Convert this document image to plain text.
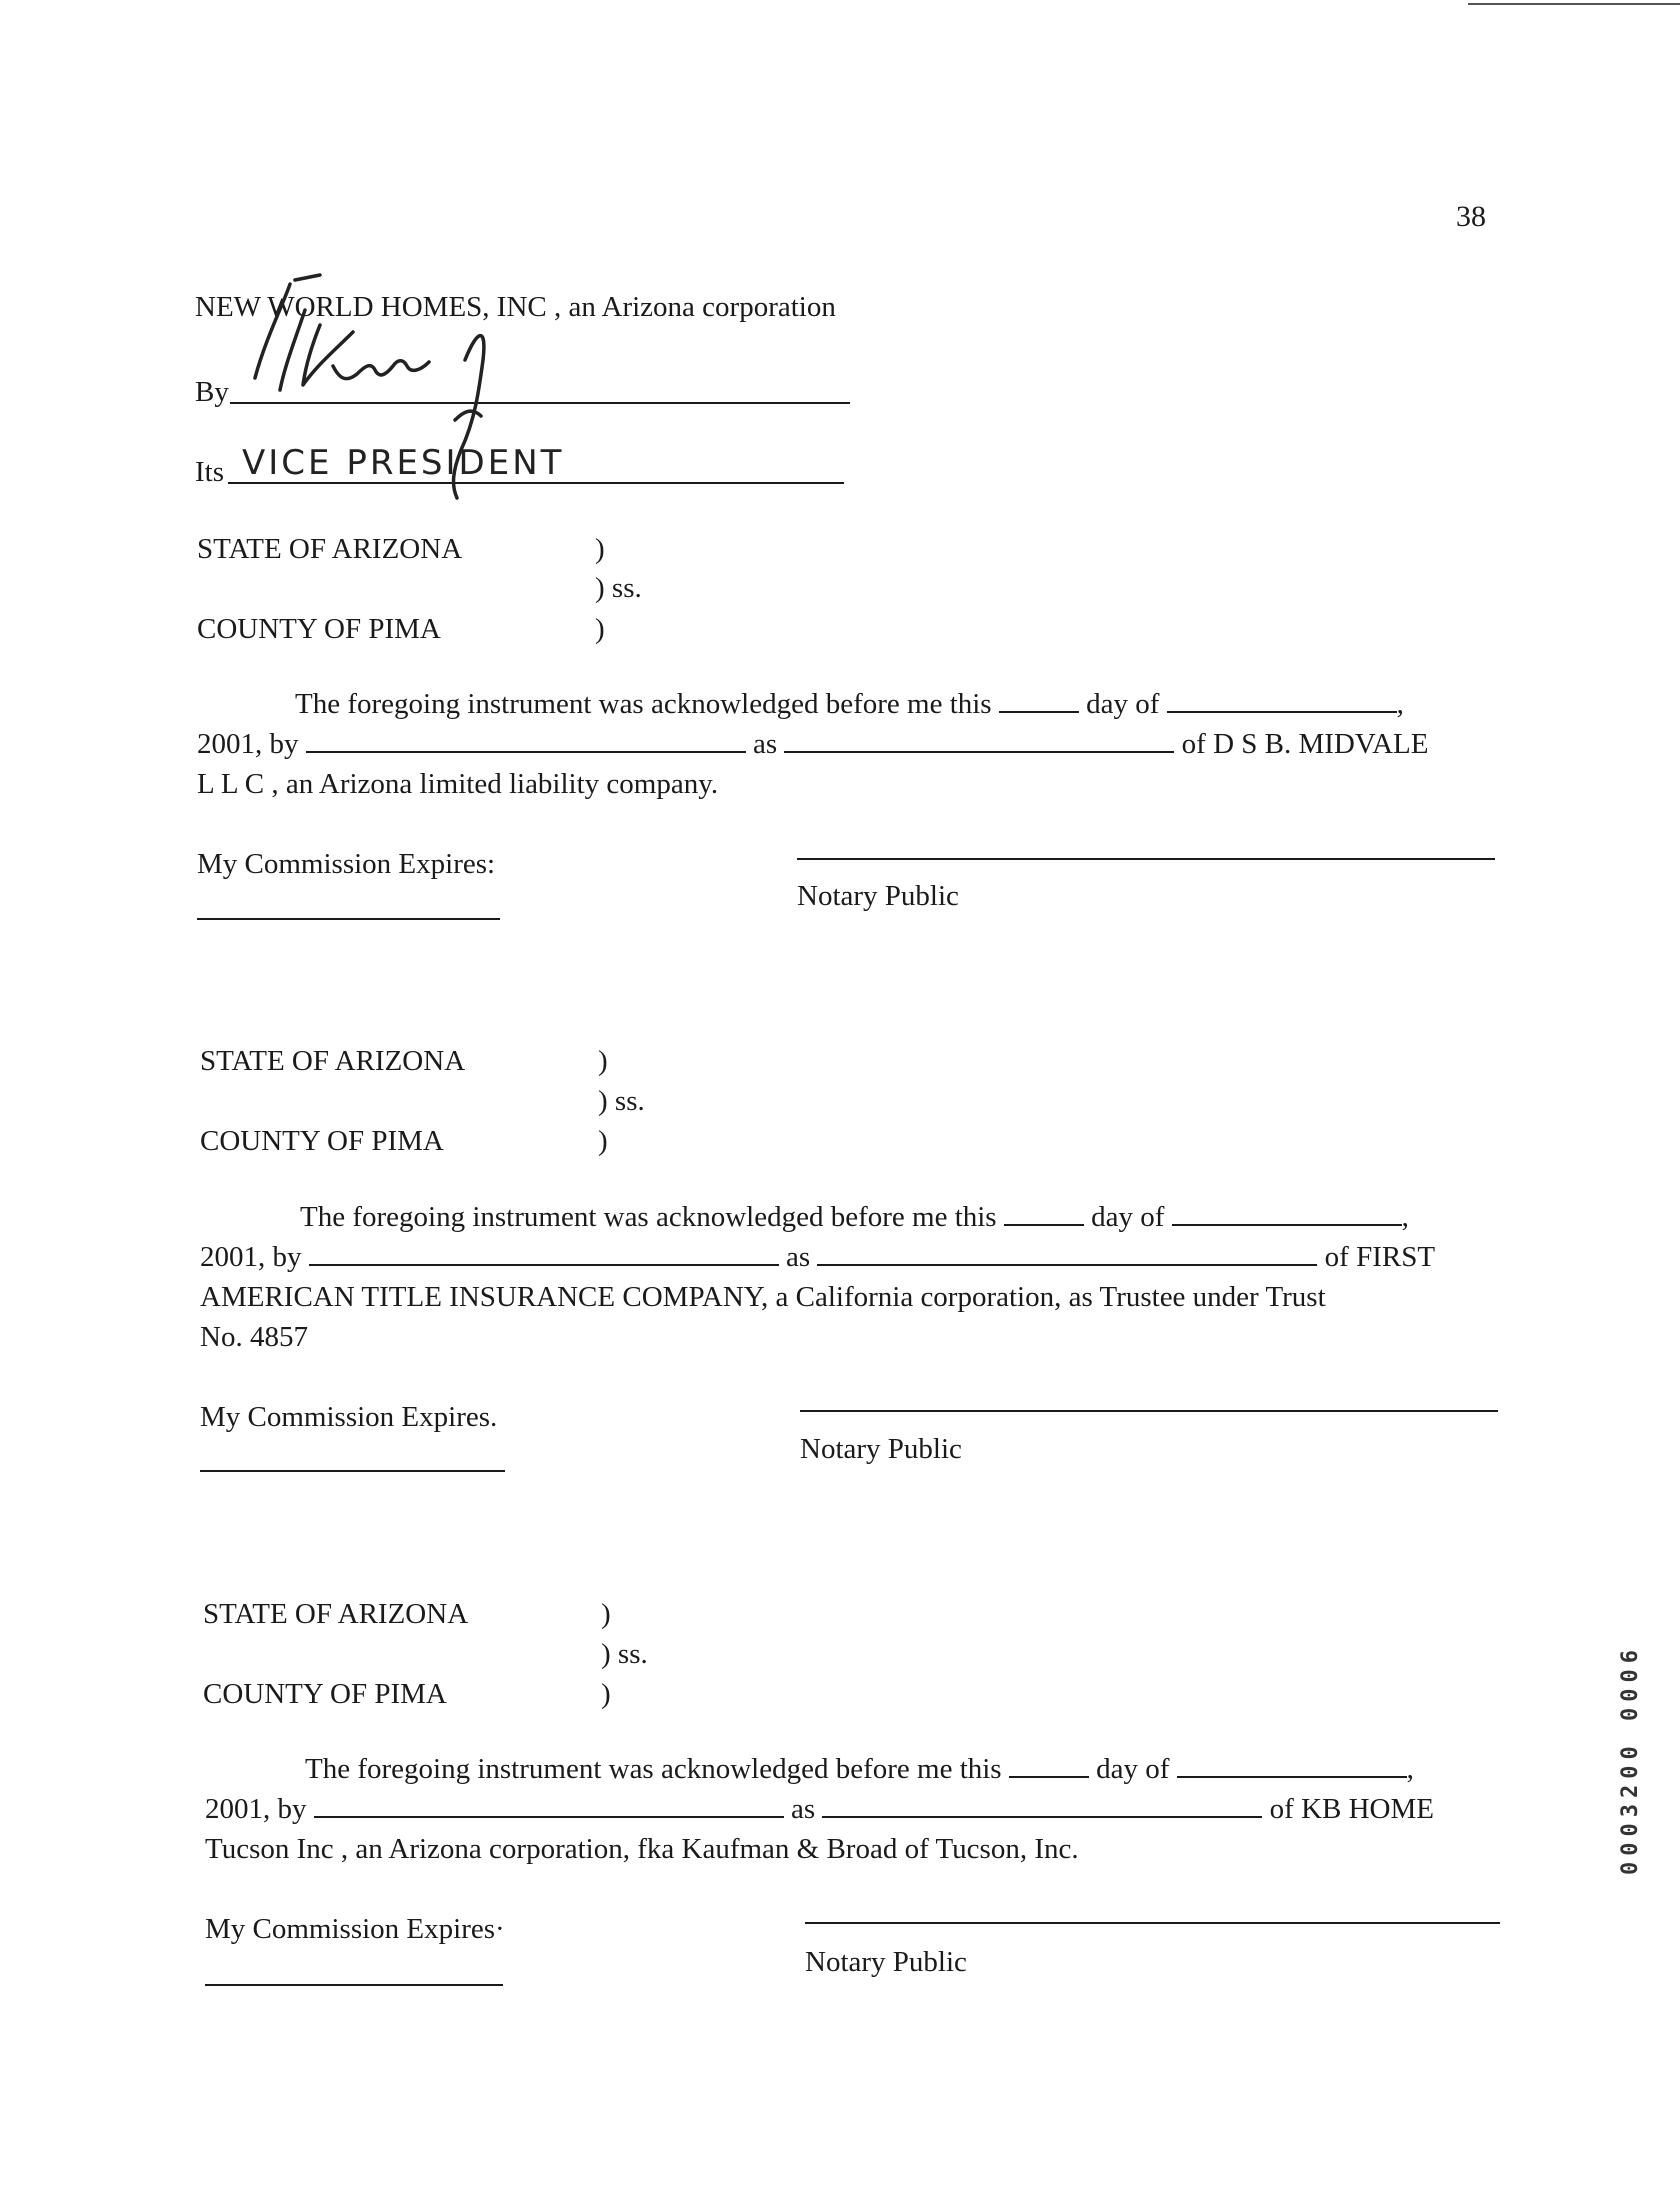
38
NEW WORLD HOMES, INC , an Arizona corporation
By
Its VICE PRESIDENT
STATE OF ARIZONA	)
) ss.
COUNTY OF PIMA	)
The foregoing instrument was acknowledged before me this	day of	,
2001, by	as	of D S B. MIDVALE
L L C , an Arizona limited liability company.
My Commission Expires:
Notary Public
STATE OF ARIZONA	)
) ss.
COUNTY OF PIMA	)
The foregoing instrument was acknowledged before me this	day of	,
2001, by	as	of FIRST
AMERICAN TITLE INSURANCE COMPANY, a California corporation, as Trustee under Trust
No. 4857
My Commission Expires.
Notary Public
STATE OF ARIZONA	)
) ss.
COUNTY OF PIMA	)
The foregoing instrument was acknowledged before me this	day of	,
2001, by	as	of KB HOME
Tucson Inc , an Arizona corporation, fka Kaufman & Broad of Tucson, Inc.
My Commission Expires·
Notary Public
0003200 0006
